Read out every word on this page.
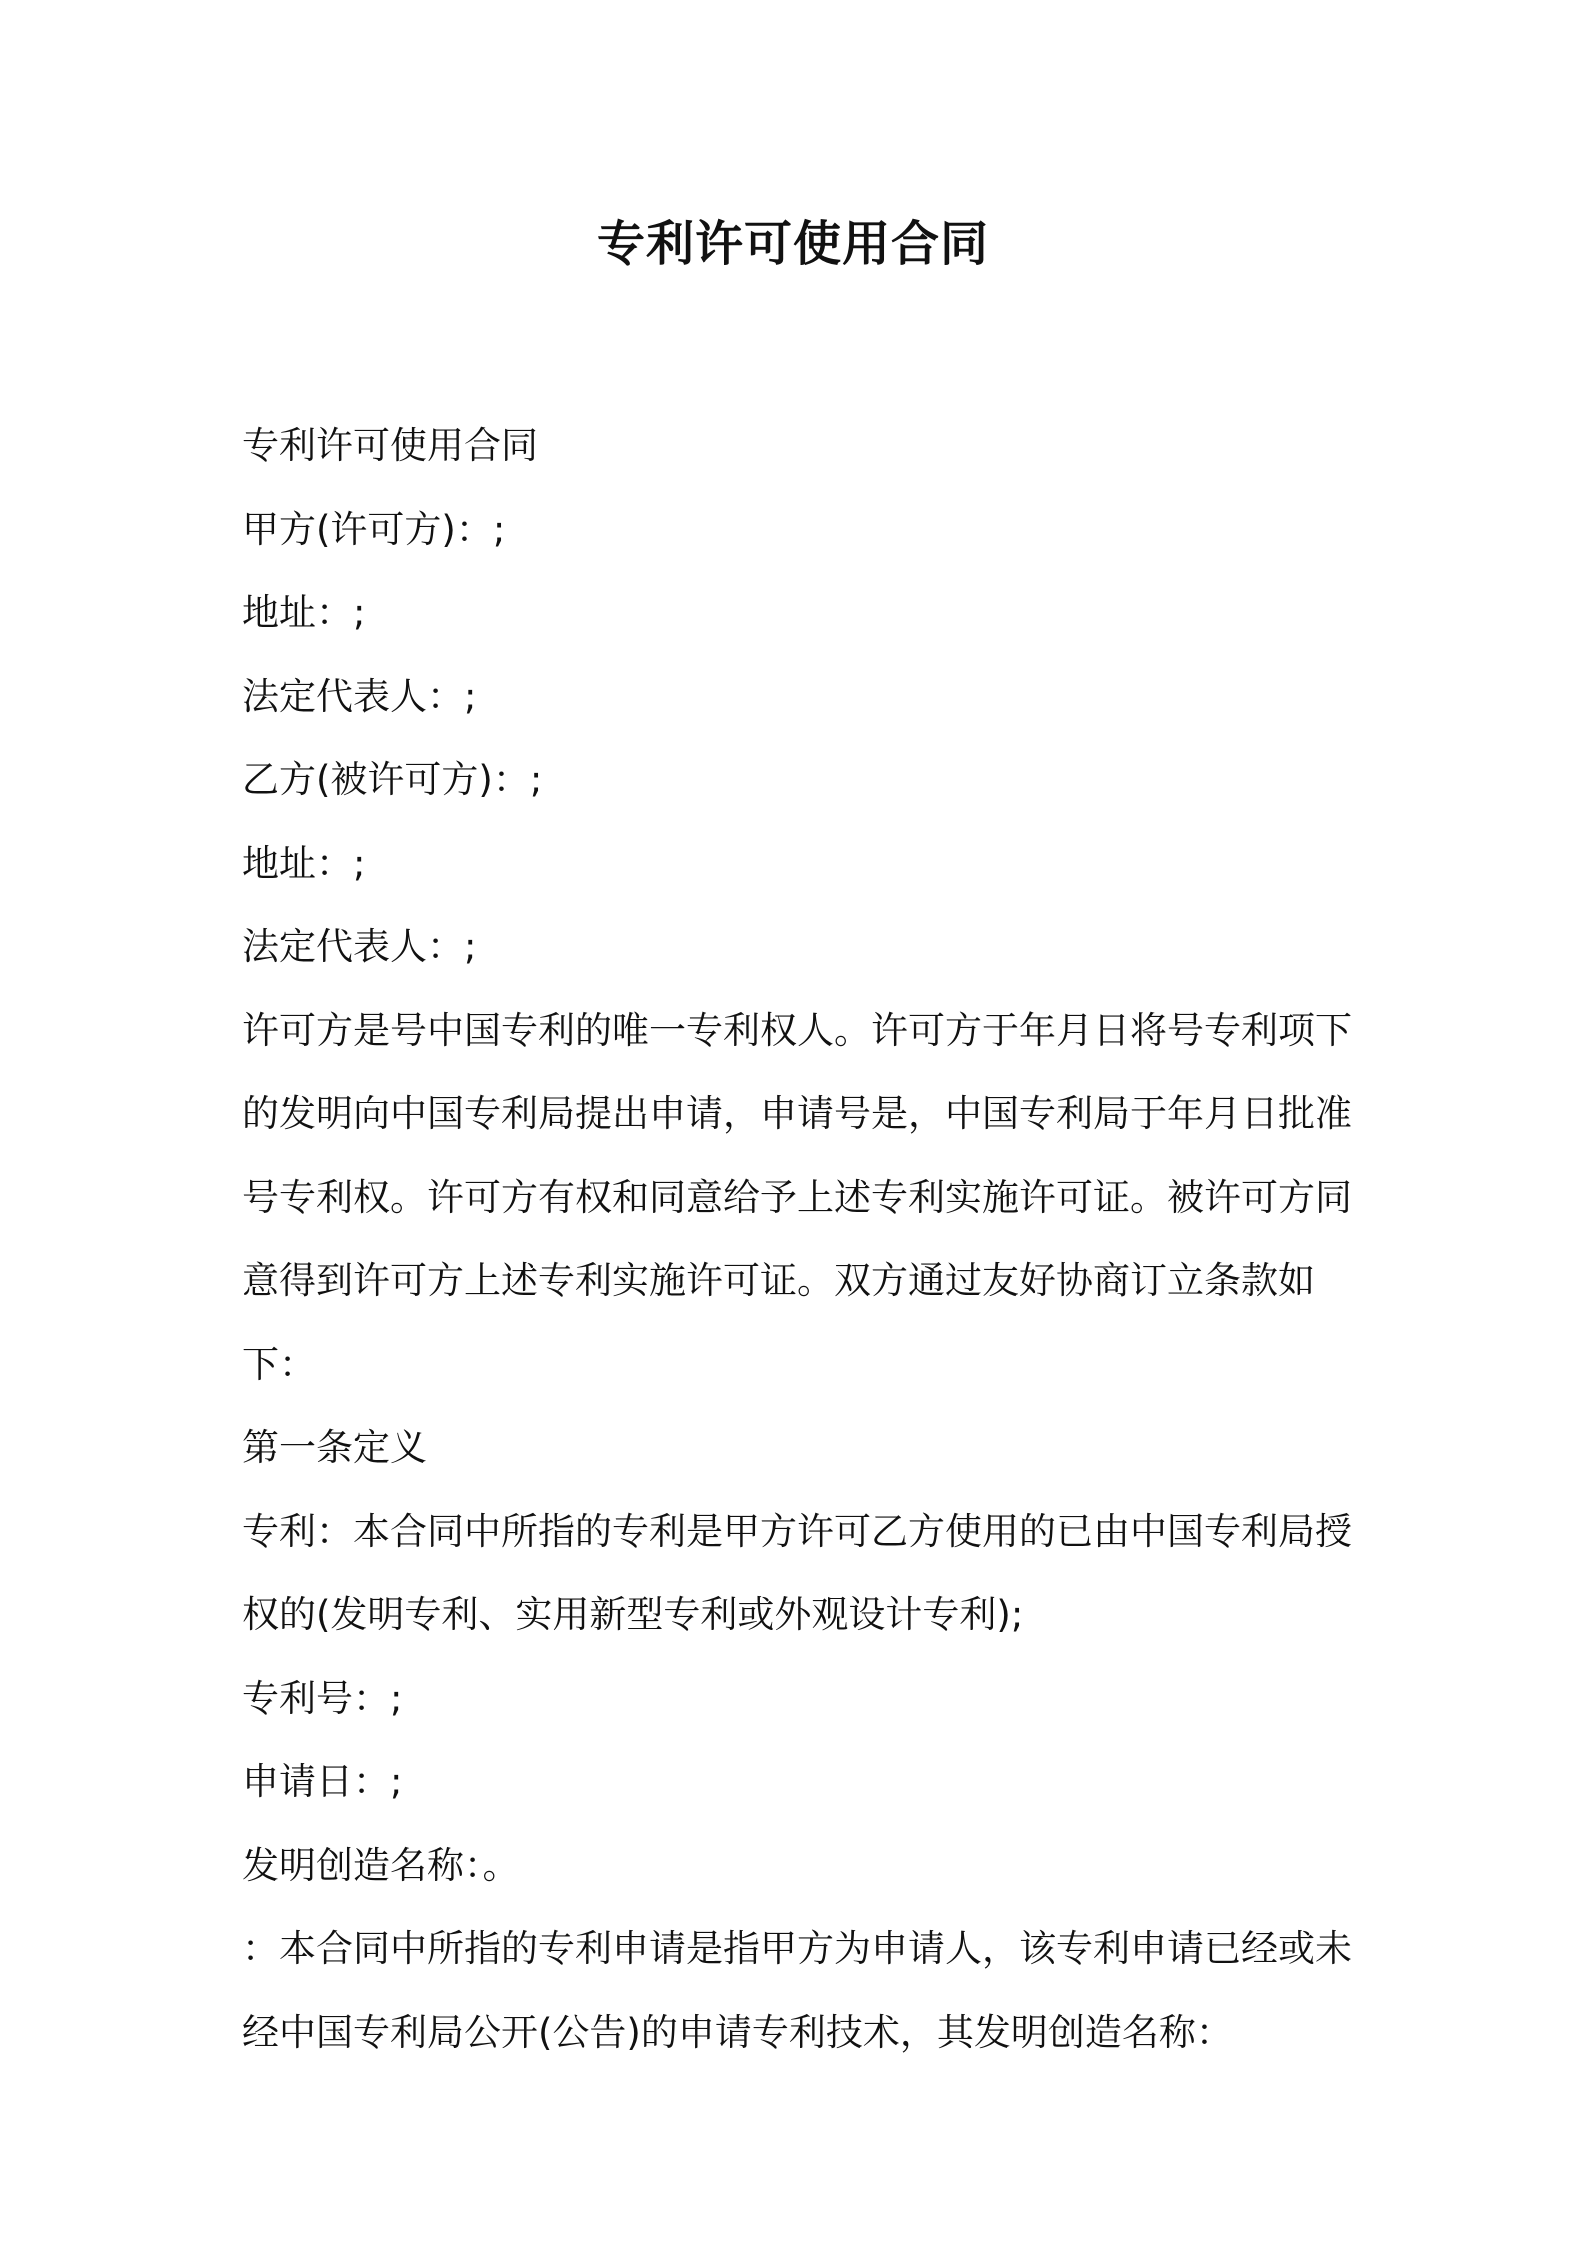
专利许可使用合同

专利许可使用合同

甲方(许可方)：;

地址：;

法定代表人：;

乙方(被许可方)：;

地址：;

法定代表人：;

许可方是号中国专利的唯一专利权人。许可方于年月日将号专利项下的发明向中国专利局提出申请，申请号是，中国专利局于年月日批准号专利权。许可方有权和同意给予上述专利实施许可证。被许可方同意得到许可方上述专利实施许可证。双方通过友好协商订立条款如下：

第一条定义

专利：本合同中所指的专利是甲方许可乙方使用的已由中国专利局授权的(发明专利、实用新型专利或外观设计专利);

专利号：;

申请日：;

发明创造名称：。

：本合同中所指的专利申请是指甲方为申请人，该专利申请已经或未经中国专利局公开(公告)的申请专利技术，其发明创造名称：
